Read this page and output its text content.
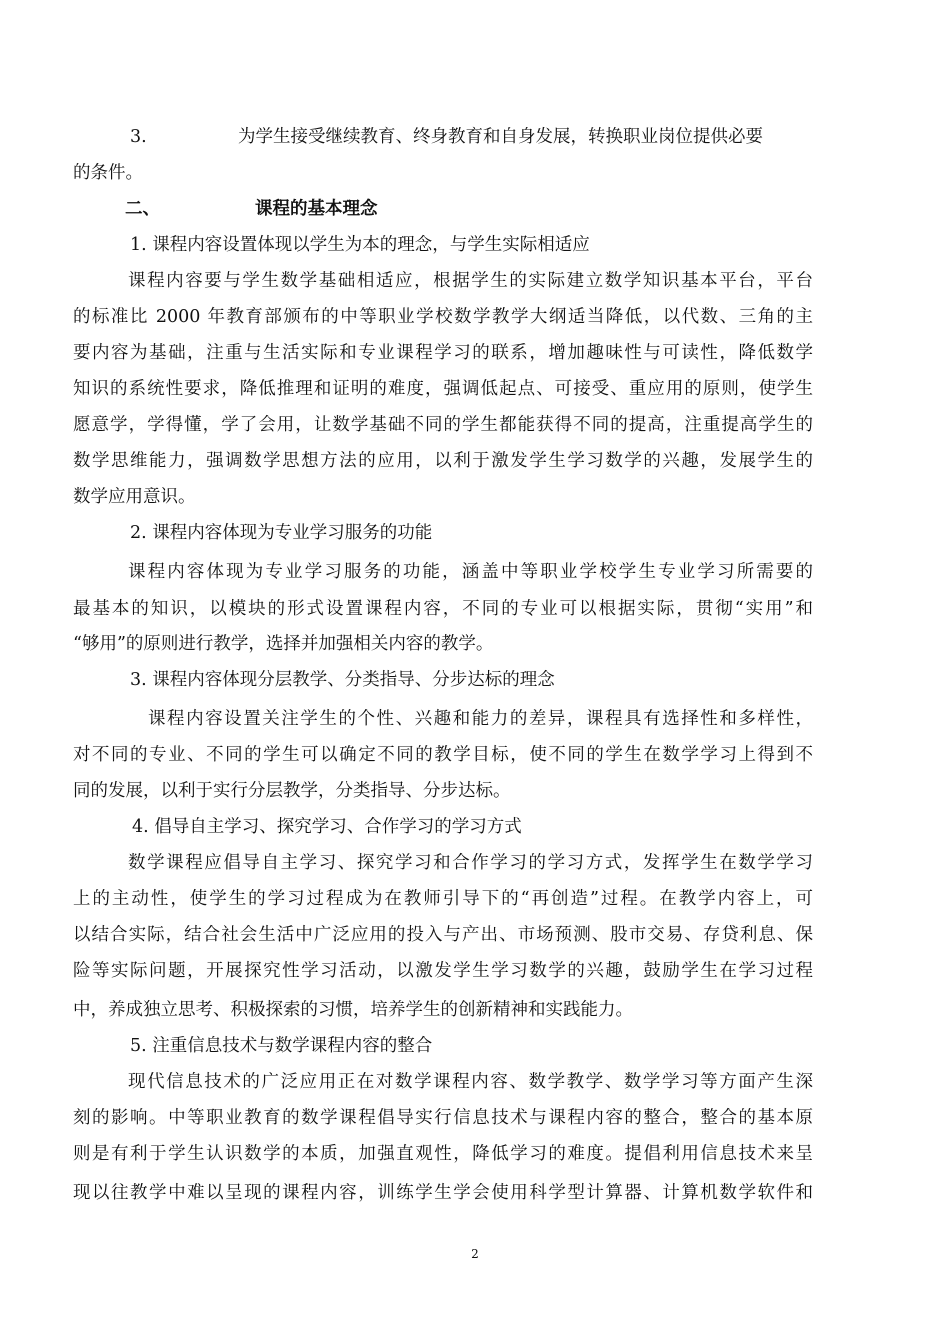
3.	为学生接受继续教育、终身教育和自身发展，转换职业岗位提供必要
的条件。
二、	课程的基本理念
1. 课程内容设置体现以学生为本的理念，与学生实际相适应
课程内容要与学生数学基础相适应，根据学生的实际建立数学知识基本平台，平台
的标准比 2000 年教育部颁布的中等职业学校数学教学大纲适当降低，以代数、三角的主
要内容为基础，注重与生活实际和专业课程学习的联系，增加趣味性与可读性，降低数学
知识的系统性要求，降低推理和证明的难度，强调低起点、可接受、重应用的原则，使学生
愿意学，学得懂，学了会用，让数学基础不同的学生都能获得不同的提高，注重提高学生的
数学思维能力，强调数学思想方法的应用，以利于激发学生学习数学的兴趣，发展学生的
数学应用意识。
2. 课程内容体现为专业学习服务的功能
课程内容体现为专业学习服务的功能，涵盖中等职业学校学生专业学习所需要的
最基本的知识，以模块的形式设置课程内容，不同的专业可以根据实际，贯彻“实用”和
“够用”的原则进行教学，选择并加强相关内容的教学。
3. 课程内容体现分层教学、分类指导、分步达标的理念
课程内容设置关注学生的个性、兴趣和能力的差异，课程具有选择性和多样性，
对不同的专业、不同的学生可以确定不同的教学目标，使不同的学生在数学学习上得到不
同的发展，以利于实行分层教学，分类指导、分步达标。
4. 倡导自主学习、探究学习、合作学习的学习方式
数学课程应倡导自主学习、探究学习和合作学习的学习方式，发挥学生在数学学习
上的主动性，使学生的学习过程成为在教师引导下的“再创造”过程。在教学内容上，可
以结合实际，结合社会生活中广泛应用的投入与产出、市场预测、股市交易、存贷利息、保
险等实际问题，开展探究性学习活动，以激发学生学习数学的兴趣，鼓励学生在学习过程
中，养成独立思考、积极探索的习惯，培养学生的创新精神和实践能力。
5. 注重信息技术与数学课程内容的整合
现代信息技术的广泛应用正在对数学课程内容、数学教学、数学学习等方面产生深
刻的影响。中等职业教育的数学课程倡导实行信息技术与课程内容的整合，整合的基本原
则是有利于学生认识数学的本质，加强直观性，降低学习的难度。提倡利用信息技术来呈
现以往教学中难以呈现的课程内容，训练学生学会使用科学型计算器、计算机数学软件和
2
